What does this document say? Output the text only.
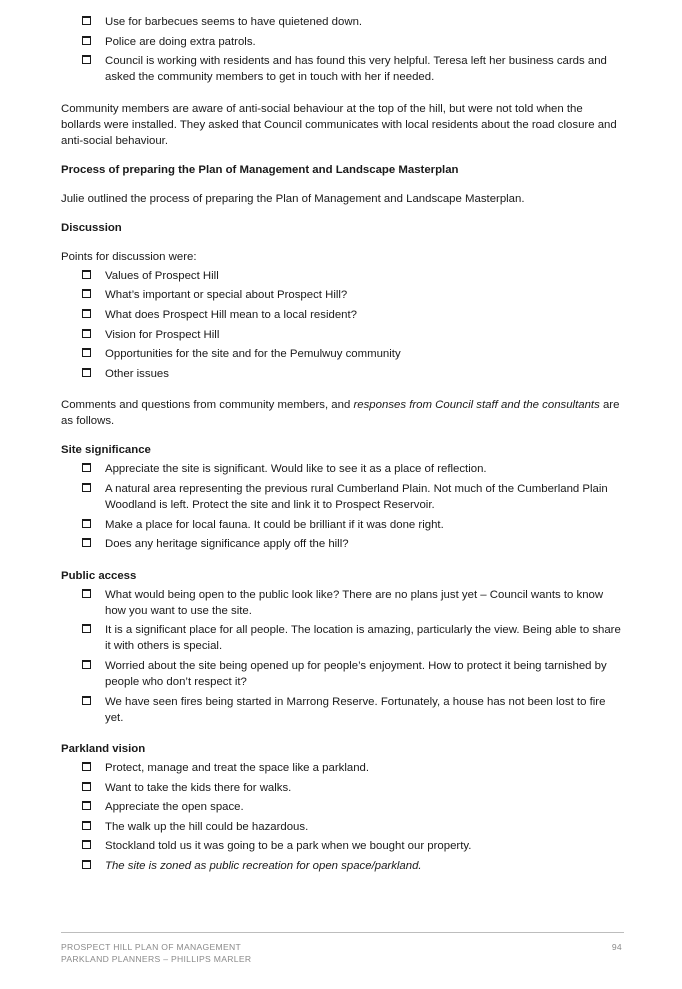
Use for barbecues seems to have quietened down.
Police are doing extra patrols.
Council is working with residents and has found this very helpful. Teresa left her business cards and asked the community members to get in touch with her if needed.

Community members are aware of anti-social behaviour at the top of the hill, but were not told when the bollards were installed. They asked that Council communicates with local residents about the road closure and anti-social behaviour.

Process of preparing the Plan of Management and Landscape Masterplan

Julie outlined the process of preparing the Plan of Management and Landscape Masterplan.

Discussion

Points for discussion were:

Values of Prospect Hill
What’s important or special about Prospect Hill?
What does Prospect Hill mean to a local resident?
Vision for Prospect Hill
Opportunities for the site and for the Pemulwuy community
Other issues

Comments and questions from community members, and responses from Council staff and the consultants are as follows.

Site significance
Appreciate the site is significant. Would like to see it as a place of reflection.
A natural area representing the previous rural Cumberland Plain. Not much of the Cumberland Plain Woodland is left. Protect the site and link it to Prospect Reservoir.
Make a place for local fauna. It could be brilliant if it was done right.
Does any heritage significance apply off the hill?
Public access
What would being open to the public look like? There are no plans just yet – Council wants to know how you want to use the site.
It is a significant place for all people. The location is amazing, particularly the view. Being able to share it with others is special.
Worried about the site being opened up for people’s enjoyment. How to protect it being tarnished by people who don’t respect it?
We have seen fires being started in Marrong Reserve. Fortunately, a house has not been lost to fire yet.
Parkland vision
Protect, manage and treat the space like a parkland.
Want to take the kids there for walks.
Appreciate the open space.
The walk up the hill could be hazardous.
Stockland told us it was going to be a park when we bought our property.
The site is zoned as public recreation for open space/parkland.
PROSPECT HILL PLAN OF MANAGEMENT
PARKLAND PLANNERS – PHILLIPS MARLER
94
